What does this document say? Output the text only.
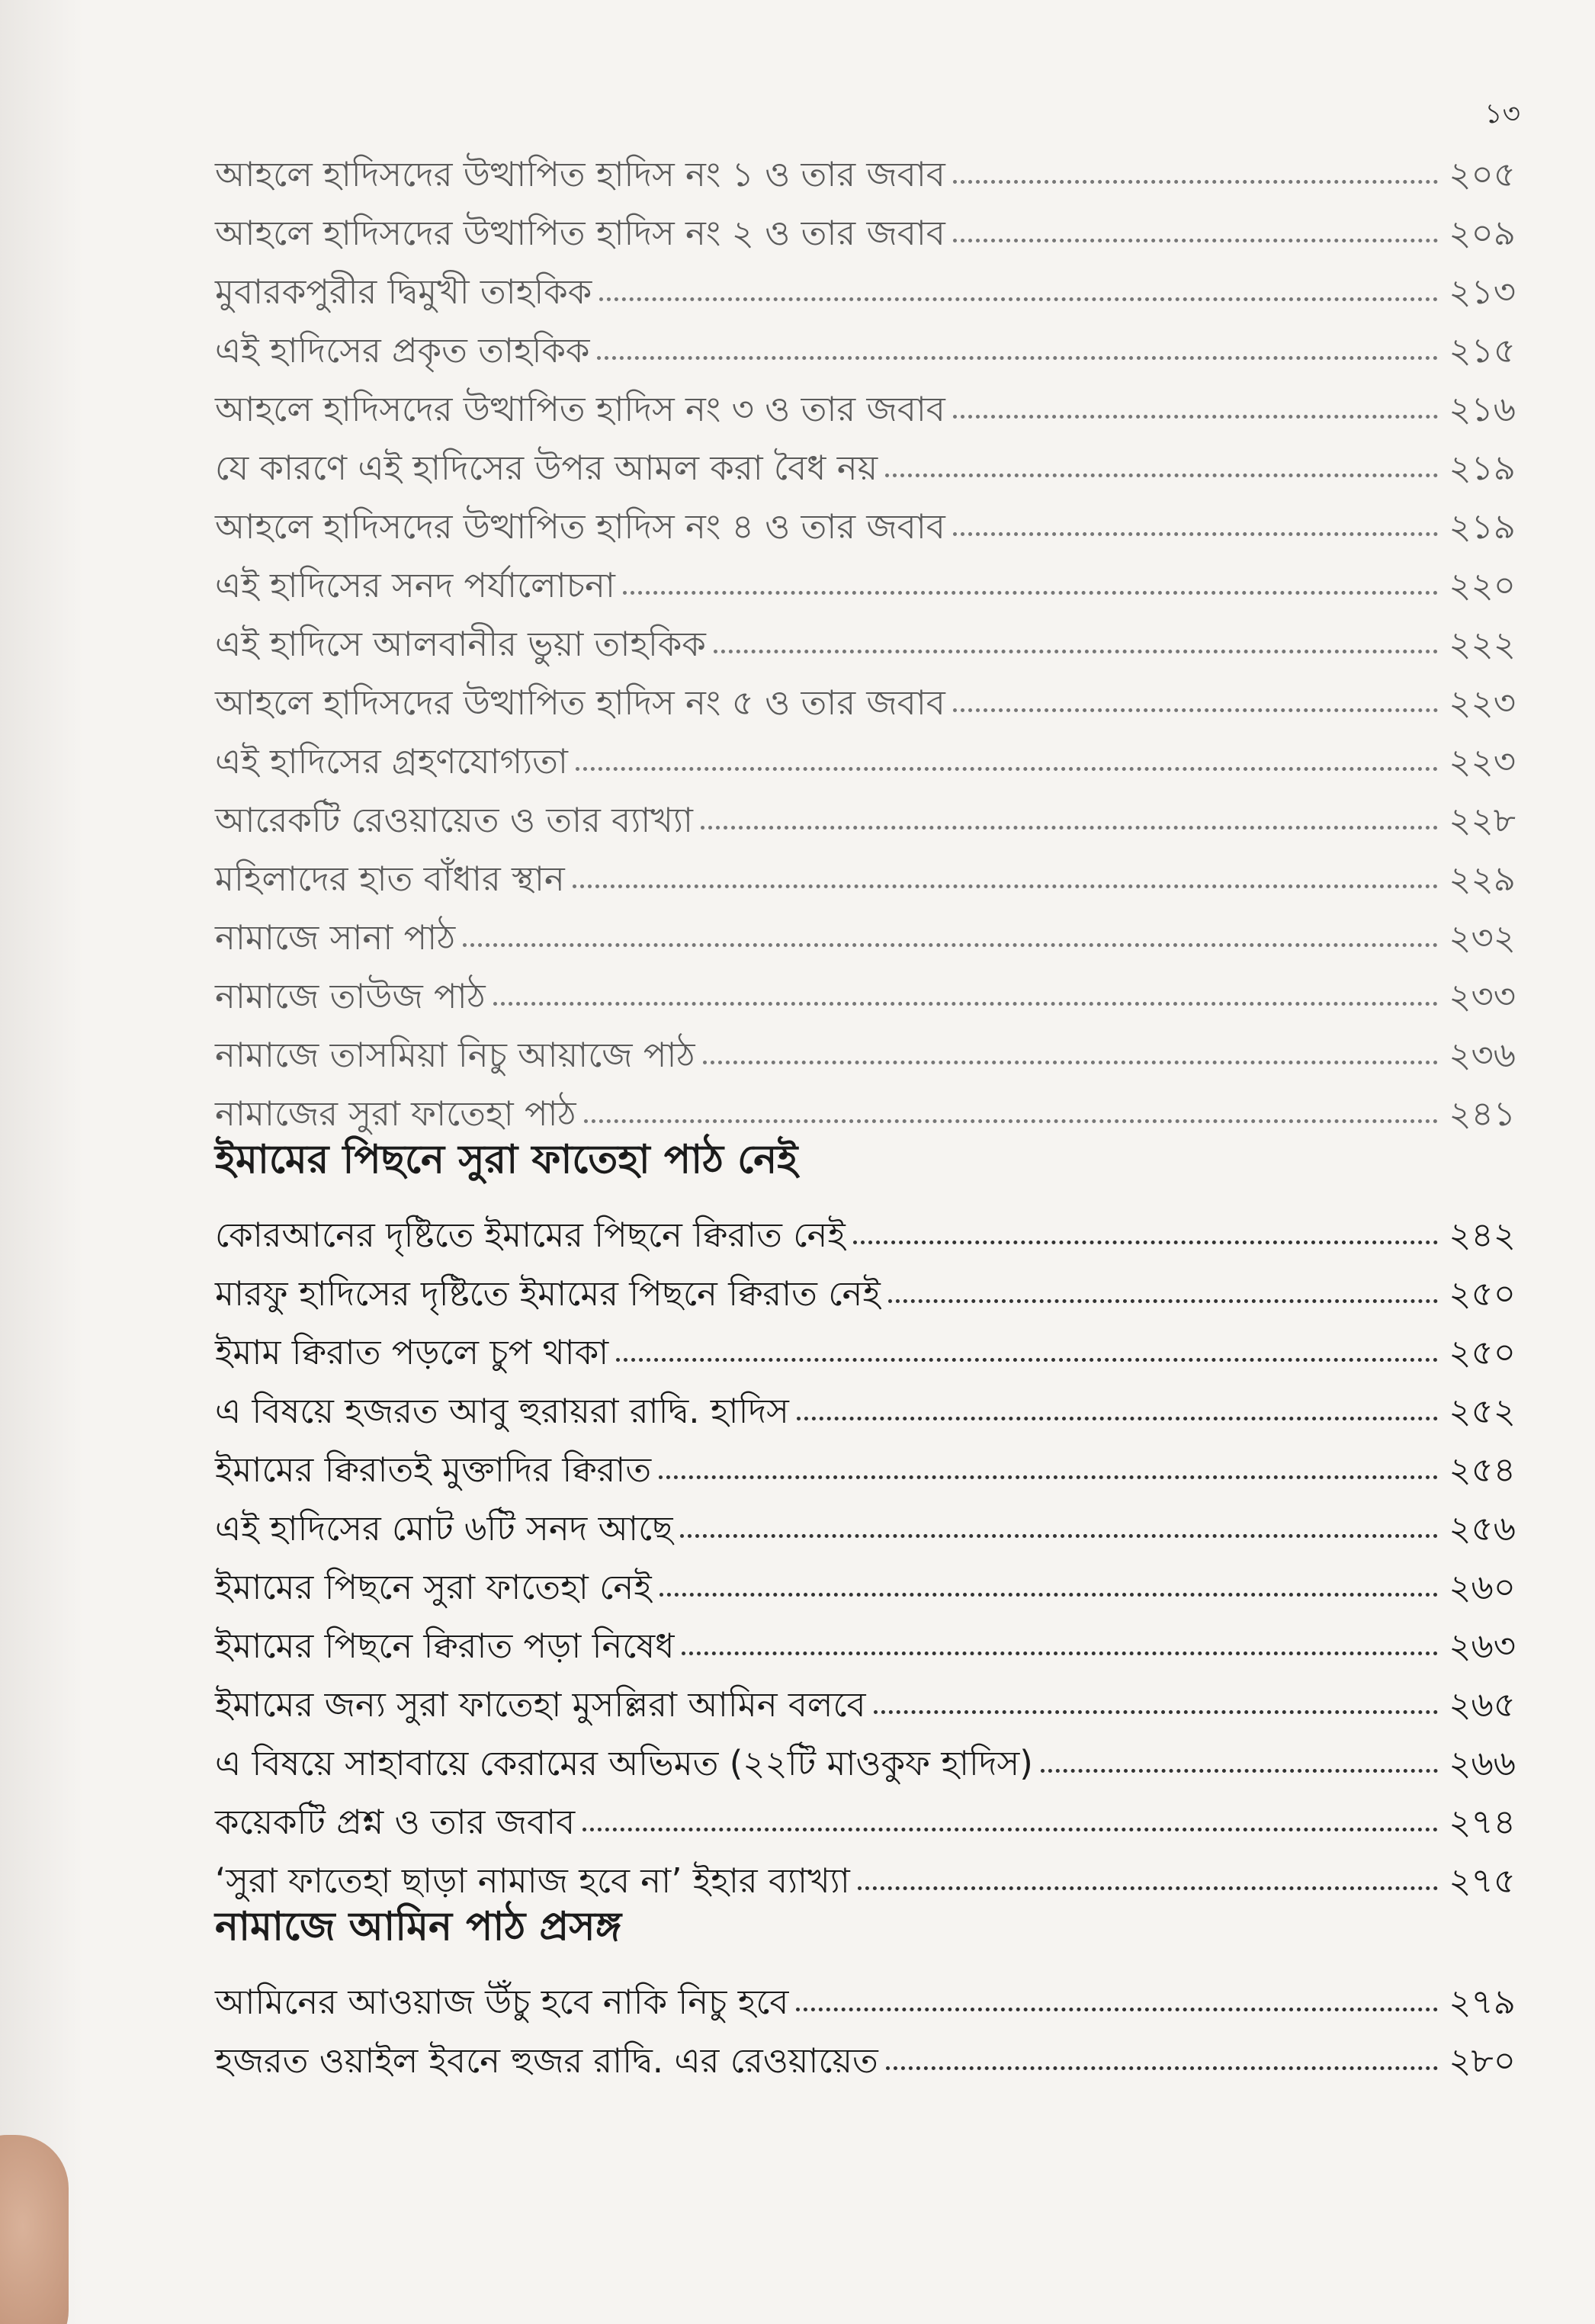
১৩
আহলে হাদিসদের উত্থাপিত হাদিস নং ১ ও তার জবাব	২০৫
আহলে হাদিসদের উত্থাপিত হাদিস নং ২ ও তার জবাব	২০৯
মুবারকপুরীর দ্বিমুখী তাহকিক	২১৩
এই হাদিসের প্রকৃত তাহকিক	২১৫
আহলে হাদিসদের উত্থাপিত হাদিস নং ৩ ও তার জবাব	২১৬
যে কারণে এই হাদিসের উপর আমল করা বৈধ নয়	২১৯
আহলে হাদিসদের উত্থাপিত হাদিস নং ৪ ও তার জবাব	২১৯
এই হাদিসের সনদ পর্যালোচনা	২২০
এই হাদিসে আলবানীর ভুয়া তাহকিক	২২২
আহলে হাদিসদের উত্থাপিত হাদিস নং ৫ ও তার জবাব	২২৩
এই হাদিসের গ্রহণযোগ্যতা	২২৩
আরেকটি রেওয়ায়েত ও তার ব্যাখ্যা	২২৮
মহিলাদের হাত বাঁধার স্থান	২২৯
নামাজে সানা পাঠ	২৩২
নামাজে তাউজ পাঠ	২৩৩
নামাজে তাসমিয়া নিচু আয়াজে পাঠ	২৩৬
নামাজের সুরা ফাতেহা পাঠ	২৪১
ইমামের পিছনে সুরা ফাতেহা পাঠ নেই
কোরআনের দৃষ্টিতে ইমামের পিছনে ক্বিরাত নেই	২৪২
মারফু হাদিসের দৃষ্টিতে ইমামের পিছনে ক্বিরাত নেই	২৫০
ইমাম ক্বিরাত পড়লে চুপ থাকা	২৫০
এ বিষয়ে হজরত আবু হুরায়রা রাদ্বি. হাদিস	২৫২
ইমামের ক্বিরাতই মুক্তাদির ক্বিরাত	২৫৪
এই হাদিসের মোট ৬টি সনদ আছে	২৫৬
ইমামের পিছনে সুরা ফাতেহা নেই	২৬০
ইমামের পিছনে ক্বিরাত পড়া নিষেধ	২৬৩
ইমামের জন্য সুরা ফাতেহা মুসল্লিরা আমিন বলবে	২৬৫
এ বিষয়ে সাহাবায়ে কেরামের অভিমত (২২টি মাওকুফ হাদিস)	২৬৬
কয়েকটি প্রশ্ন ও তার জবাব	২৭৪
‘সুরা ফাতেহা ছাড়া নামাজ হবে না’ ইহার ব্যাখ্যা	২৭৫
নামাজে আমিন পাঠ প্রসঙ্গ
আমিনের আওয়াজ উঁচু হবে নাকি নিচু হবে	২৭৯
হজরত ওয়াইল ইবনে হুজর রাদ্বি. এর রেওয়ায়েত	২৮০
